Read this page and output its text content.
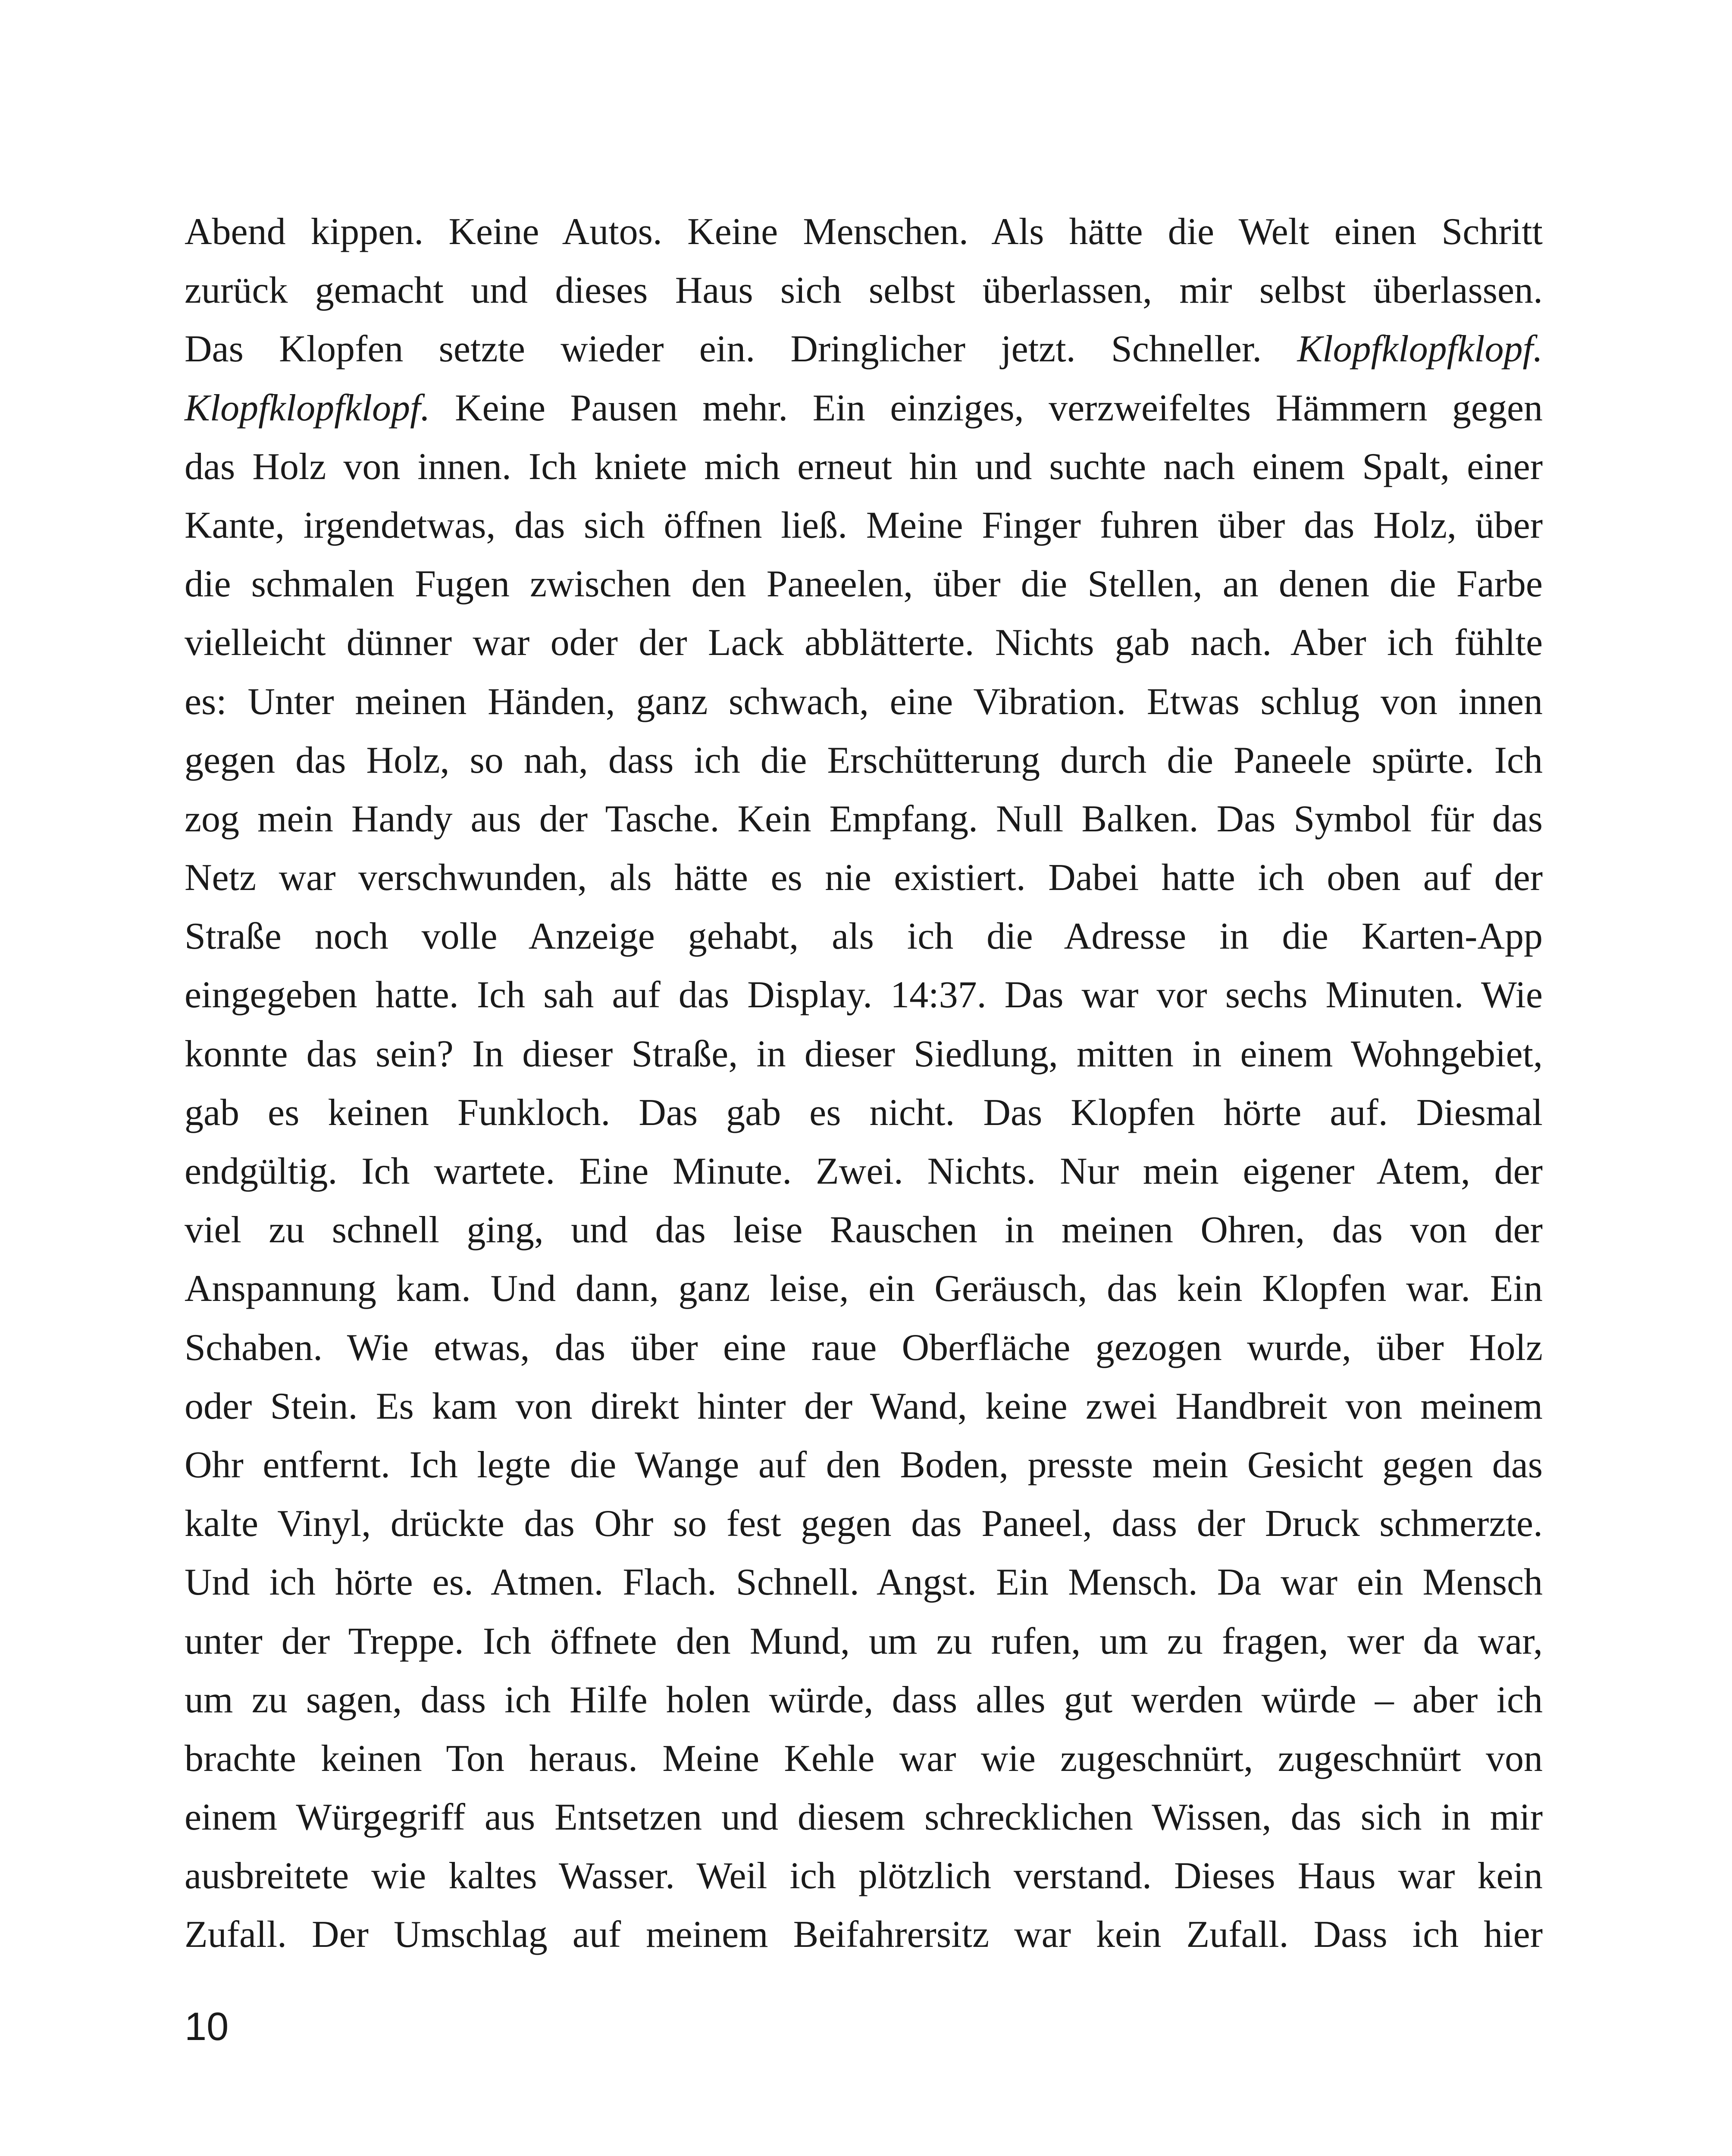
Abend kippen. Keine Autos. Keine Menschen. Als hätte die Welt einen Schritt
zurück gemacht und dieses Haus sich selbst überlassen, mir selbst überlassen.
Das Klopfen setzte wieder ein. Dringlicher jetzt. Schneller. Klopfklopfklopf.
Klopfklopfklopf. Keine Pausen mehr. Ein einziges, verzweifeltes Hämmern gegen
das Holz von innen. Ich kniete mich erneut hin und suchte nach einem Spalt, einer
Kante, irgendetwas, das sich öffnen ließ. Meine Finger fuhren über das Holz, über
die schmalen Fugen zwischen den Paneelen, über die Stellen, an denen die Farbe
vielleicht dünner war oder der Lack abblätterte. Nichts gab nach. Aber ich fühlte
es: Unter meinen Händen, ganz schwach, eine Vibration. Etwas schlug von innen
gegen das Holz, so nah, dass ich die Erschütterung durch die Paneele spürte. Ich
zog mein Handy aus der Tasche. Kein Empfang. Null Balken. Das Symbol für das
Netz war verschwunden, als hätte es nie existiert. Dabei hatte ich oben auf der
Straße noch volle Anzeige gehabt, als ich die Adresse in die Karten-App
eingegeben hatte. Ich sah auf das Display. 14:37. Das war vor sechs Minuten. Wie
konnte das sein? In dieser Straße, in dieser Siedlung, mitten in einem Wohngebiet,
gab es keinen Funkloch. Das gab es nicht. Das Klopfen hörte auf. Diesmal
endgültig. Ich wartete. Eine Minute. Zwei. Nichts. Nur mein eigener Atem, der
viel zu schnell ging, und das leise Rauschen in meinen Ohren, das von der
Anspannung kam. Und dann, ganz leise, ein Geräusch, das kein Klopfen war. Ein
Schaben. Wie etwas, das über eine raue Oberfläche gezogen wurde, über Holz
oder Stein. Es kam von direkt hinter der Wand, keine zwei Handbreit von meinem
Ohr entfernt. Ich legte die Wange auf den Boden, presste mein Gesicht gegen das
kalte Vinyl, drückte das Ohr so fest gegen das Paneel, dass der Druck schmerzte.
Und ich hörte es. Atmen. Flach. Schnell. Angst. Ein Mensch. Da war ein Mensch
unter der Treppe. Ich öffnete den Mund, um zu rufen, um zu fragen, wer da war,
um zu sagen, dass ich Hilfe holen würde, dass alles gut werden würde – aber ich
brachte keinen Ton heraus. Meine Kehle war wie zugeschnürt, zugeschnürt von
einem Würgegriff aus Entsetzen und diesem schrecklichen Wissen, das sich in mir
ausbreitete wie kaltes Wasser. Weil ich plötzlich verstand. Dieses Haus war kein
Zufall. Der Umschlag auf meinem Beifahrersitz war kein Zufall. Dass ich hier
10
